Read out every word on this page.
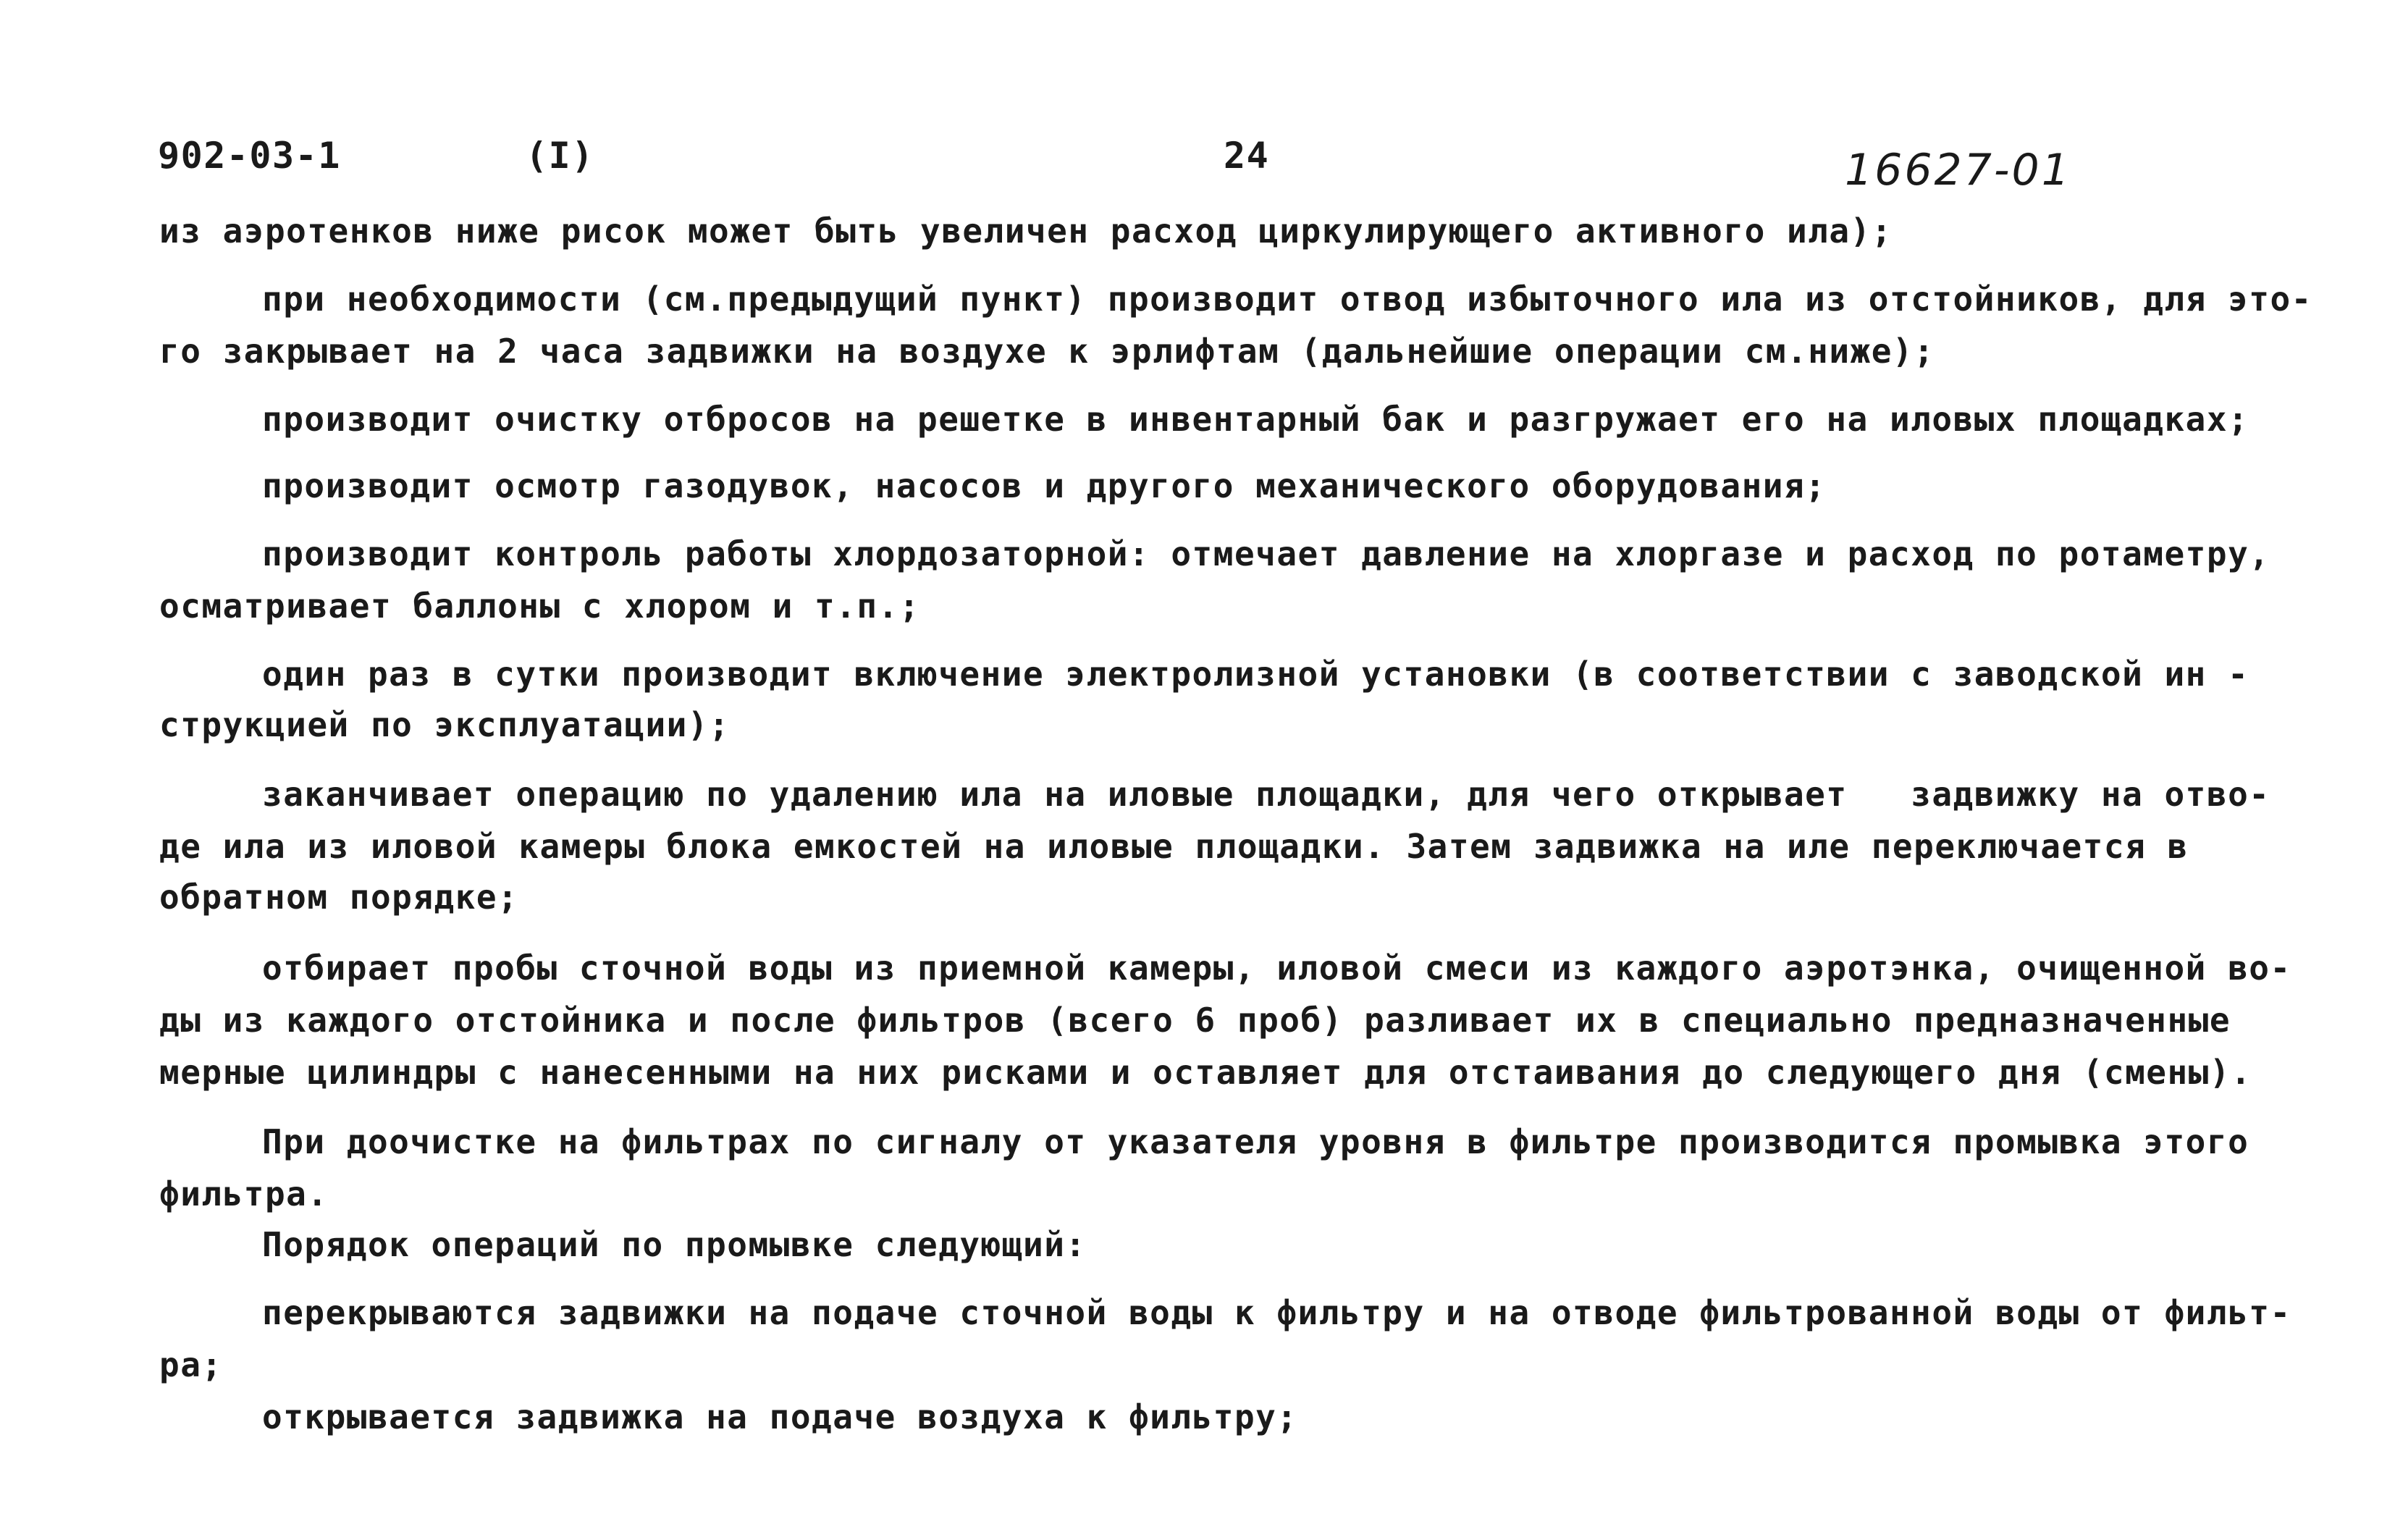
902-03-1	(I)	24	16627-01
из аэротенков ниже рисок может быть увеличен расход циркулирующего активного ила);
при необходимости (см.предыдущий пункт) производит отвод избыточного ила из отстойников, для это-
го закрывает на 2 часа задвижки на воздухе к эрлифтам (дальнейшие операции см.ниже);
производит очистку отбросов на решетке в инвентарный бак и разгружает его на иловых площадках;
производит осмотр газодувок, насосов и другого механического оборудования;
производит контроль работы хлордозаторной: отмечает давление на хлоргазе и расход по ротаметру,
осматривает баллоны с хлором и т.п.;
один раз в сутки производит включение электролизной установки (в соответствии с заводской ин -
струкцией по эксплуатации);
заканчивает операцию по удалению ила на иловые площадки, для чего открывает   задвижку на отво-
де ила из иловой камеры блока емкостей на иловые площадки. Затем задвижка на иле переключается в
обратном порядке;
отбирает пробы сточной воды из приемной камеры, иловой смеси из каждого аэротэнка, очищенной во-
ды из каждого отстойника и после фильтров (всего 6 проб) разливает их в специально предназначенные
мерные цилиндры с нанесенными на них рисками и оставляет для отстаивания до следующего дня (смены).
При доочистке на фильтрах по сигналу от указателя уровня в фильтре производится промывка этого
фильтра.
Порядок операций по промывке следующий:
перекрываются задвижки на подаче сточной воды к фильтру и на отводе фильтрованной воды от фильт-
ра;
открывается задвижка на подаче воздуха к фильтру;
